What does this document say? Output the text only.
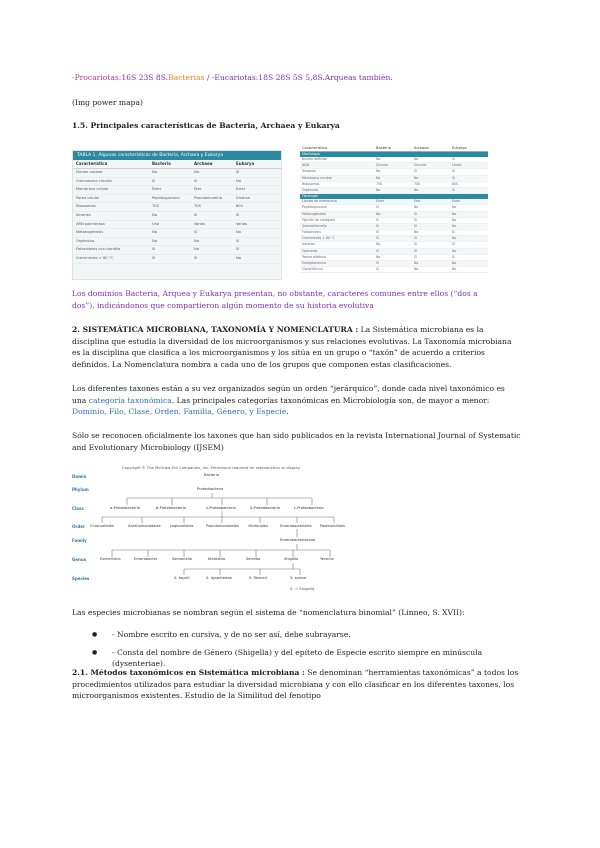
-Procariotas:16S 23S 8S.Bacterias / -Eucariotas:18S 28S 5S 5,8S.Arqueas también.
(Img power mapa)
1.5. Principales características de Bacteria, Archaea y Eukarya
TABLA 1. Algunas características de Bacteria, Archaea y Eukarya
Característica	Bacteria	Archaea	Eukarya
Núcleo nuclear	No	No	Sí
Cromosoma circular	Sí	Sí	No
Membrana celular	Éster	Éter	Éster
Pared celular	Peptidoglucano	Pseudomureína	Diversa
Ribosomas	70S	70S	80S
Intrones	No	Sí	Sí
ARN polimerasa	Una	Varias	Varias
Metanogénesis	No	Sí	No
Orgánulos	No	No	Sí
Fotosíntesis con clorofila	Sí	No	Sí
Crecimiento > 80 °C	Sí	Sí	No
Característica	Bacteria	Archaea	Eukarya
Morfología
Núcleo definido	No	No	Sí
ADN	Circular	Circular	Lineal
Histonas	No	Sí	Sí
Membrana nuclear	No	No	Sí
Ribosomas	70S	70S	80S
Orgánulos	No	No	Sí
Fisiología
Lípidos de membrana	Éster	Éter	Éster
Peptidoglucano	Sí	No	No
Metanogénesis	No	Sí	No
Fijación de nitrógeno	Sí	Sí	No
Quimiolitotrofía	Sí	Sí	No
Fotosíntesis	Sí	No	Sí
Crecimiento > 80 °C	Sí	Sí	No
Intrones	No	Sí	Sí
Operones	Sí	Sí	No
Toxina diftérica	No	Sí	Sí
Estreptomicina	Sí	No	No
Cloranfenicol	Sí	No	No
Los dominios Bacteria, Arquea y Eukarya presentan, no obstante, caracteres comunes entre ellos (“dos a dos”), indicándonos que compartieron algún momento de su historia evolutiva
2. SISTEMÁTICA MICROBIANA, TAXONOMÍA Y NOMENCLATURA : La Sistemática microbiana es la disciplina que estudia la diversidad de los microorganismos y sus relaciones evolutivas. La Taxonomía microbiana es la disciplina que clasifica a los microorganismos y los sitúa en un grupo o “taxón” de acuerdo a criterios definidos. La Nomenclatura nombra a cada uno de los grupos que componen estas clasificaciones.
Los diferentes taxones están a su vez organizados según un orden “jerárquico”, donde cada nivel taxonómico es una categoría taxonómica. Las principales categorías taxonómicas en Microbiología son, de mayor a menor: Dominio, Filo, Clase, Orden, Familia, Género, y Especie.
Sólo se reconocen oficialmente los taxones que han sido publicados en la revista International Journal of Systematic and Evolutionary Microbiology (IJSEM)
Copyright © The McGraw-Hill Companies, Inc. Permission required for reproduction or display.
Bacteria
Domin
Phylum
Class
Order
Family
Genus
Species
Proteobacteria
α-Proteobacteria	β-Proteobacteria	γ-Proteobacteria	δ-Proteobacteria	ε-Proteobacteria
Chromatiales	Xanthomonadales	Legionellales	Pseudomonadales	Vibrionales	Enterobacteriales Pasteurellales
Enterobacteriaceae
Escherichia	Enterobacter	Salmonella	Klebsiella	Serratia	Shigella	Yersinia
S. boydii	S. dysenteriae	S. flexneri	S. sonnei
S. = Shigella
Las especies microbianas se nombran según el sistema de “nomenclatura binomial” (Linneo, S. XVII):
● - Nombre escrito en cursiva, y de no ser así, debe subrayarse.
● - Consta del nombre de Género (Shigella) y del epíteto de Especie escrito siempre en minúscula (dysenteriae).
2.1. Métodos taxonómicos en Sistemática microbiana : Se denominan “herramientas taxonómicas” a todos los procedimientos utilizados para estudiar la diversidad microbiana y con ello clasificar en los diferentes taxones, los microorganismos existentes. Estudio de la Similitud del fenotipo
